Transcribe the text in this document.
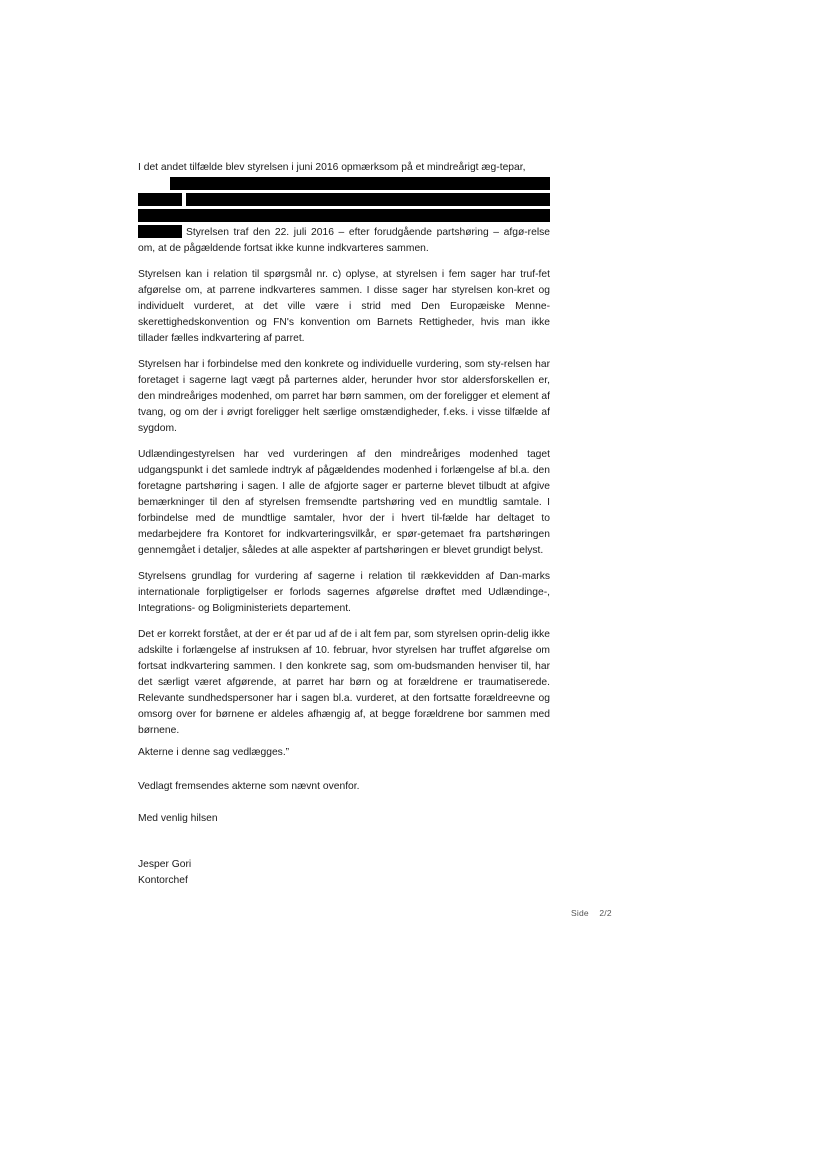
I det andet tilfælde blev styrelsen i juni 2016 opmærksom på et mindreårigt æg-tepar,

Styrelsen traf den 22. juli 2016 – efter forudgående partshøring – afgø-relse om, at de pågældende fortsat ikke kunne indkvarteres sammen.

Styrelsen kan i relation til spørgsmål nr. c) oplyse, at styrelsen i fem sager har truf-fet afgørelse om, at parrene indkvarteres sammen. I disse sager har styrelsen kon-kret og individuelt vurderet, at det ville være i strid med Den Europæiske Menne-skerettighedskonvention og FN's konvention om Barnets Rettigheder, hvis man ikke tillader fælles indkvartering af parret.

Styrelsen har i forbindelse med den konkrete og individuelle vurdering, som sty-relsen har foretaget i sagerne lagt vægt på parternes alder, herunder hvor stor aldersforskellen er, den mindreåriges modenhed, om parret har børn sammen, om der foreligger et element af tvang, og om der i øvrigt foreligger helt særlige omstændigheder, f.eks. i visse tilfælde af sygdom.

Udlændingestyrelsen har ved vurderingen af den mindreåriges modenhed taget udgangspunkt i det samlede indtryk af pågældendes modenhed i forlængelse af bl.a. den foretagne partshøring i sagen. I alle de afgjorte sager er parterne blevet tilbudt at afgive bemærkninger til den af styrelsen fremsendte partshøring ved en mundtlig samtale. I forbindelse med de mundtlige samtaler, hvor der i hvert til-fælde har deltaget to medarbejdere fra Kontoret for indkvarteringsvilkår, er spør-getemaet fra partshøringen gennemgået i detaljer, således at alle aspekter af partshøringen er blevet grundigt belyst.

Styrelsens grundlag for vurdering af sagerne i relation til rækkevidden af Dan-marks internationale forpligtigelser er forlods sagernes afgørelse drøftet med Udlændinge-, Integrations- og Boligministeriets departement.

Det er korrekt forstået, at der er ét par ud af de i alt fem par, som styrelsen oprin-delig ikke adskilte i forlængelse af instruksen af 10. februar, hvor styrelsen har truffet afgørelse om fortsat indkvartering sammen. I den konkrete sag, som om-budsmanden henviser til, har det særligt været afgørende, at parret har børn og at forældrene er traumatiserede. Relevante sundhedspersoner har i sagen bl.a. vurderet, at den fortsatte forældreevne og omsorg over for børnene er aldeles afhængig af, at begge forældrene bor sammen med børnene.

Akterne i denne sag vedlægges.”

Vedlagt fremsendes akterne som nævnt ovenfor.

Med venlig hilsen

Jesper Gori

Kontorchef

Side 2/2
